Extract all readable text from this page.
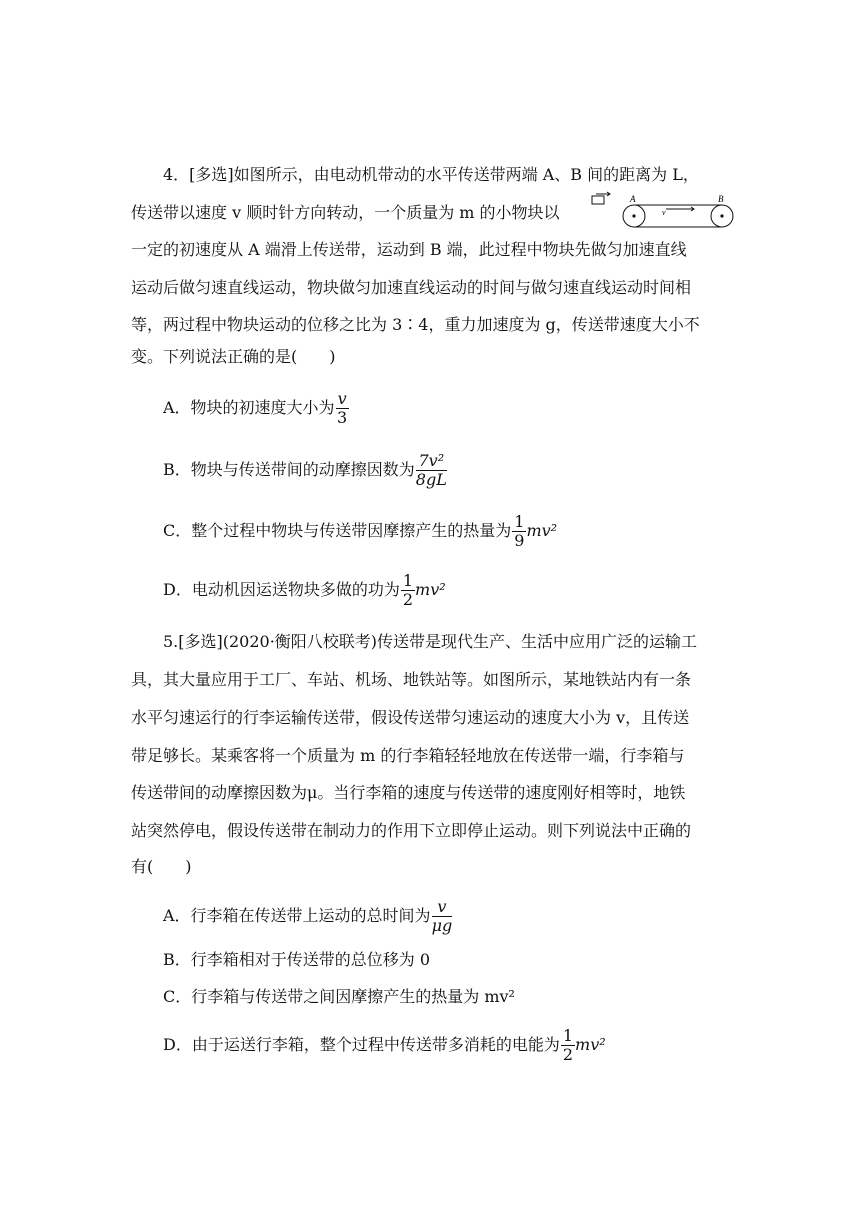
4．[多选]如图所示，由电动机带动的水平传送带两端 A、B 间的距离为 L，
传送带以速度 v 顺时针方向转动，一个质量为 m 的小物块以	v
A	B
一定的初速度从 A 端滑上传送带，运动到 B 端，此过程中物块先做匀加速直线
运动后做匀速直线运动，物块做匀加速直线运动的时间与做匀速直线运动时间相
等，两过程中物块运动的位移之比为 3∶4，重力加速度为 g，传送带速度大小不
变。下列说法正确的是(　　)
A．物块的初速度大小为 $\frac{v}{3}$
B．物块与传送带间的动摩擦因数为 $\frac{\text{7v²}}{8gL}$
C．整个过程中物块与传送带因摩擦产生的热量为 $\frac{1}{9} mv^2$
D．电动机因运送物块多做的功为 $\frac{1}{2} mv^2$
5.[多选](2020·衡阳八校联考)传送带是现代生产、生活中应用广泛的运输工
具，其大量应用于工厂、车站、机场、地铁站等。如图所示，某地铁站内有一条
水平匀速运行的行李运输传送带，假设传送带匀速运动的速度大小为 v，且传送
带足够长。某乘客将一个质量为 m 的行李箱轻轻地放在传送带一端，行李箱与
传送带间的动摩擦因数为μ。当行李箱的速度与传送带的速度刚好相等时，地铁
站突然停电，假设传送带在制动力的作用下立即停止运动。则下列说法中正确的
有(　　)
A．行李箱在传送带上运动的总时间为 $\frac{v}{\mu g}$
B．行李箱相对于传送带的总位移为 0
C．行李箱与传送带之间因摩擦产生的热量为 mv²
D．由于运送行李箱，整个过程中传送带多消耗的电能为 $\frac{1}{2} mv^2$
